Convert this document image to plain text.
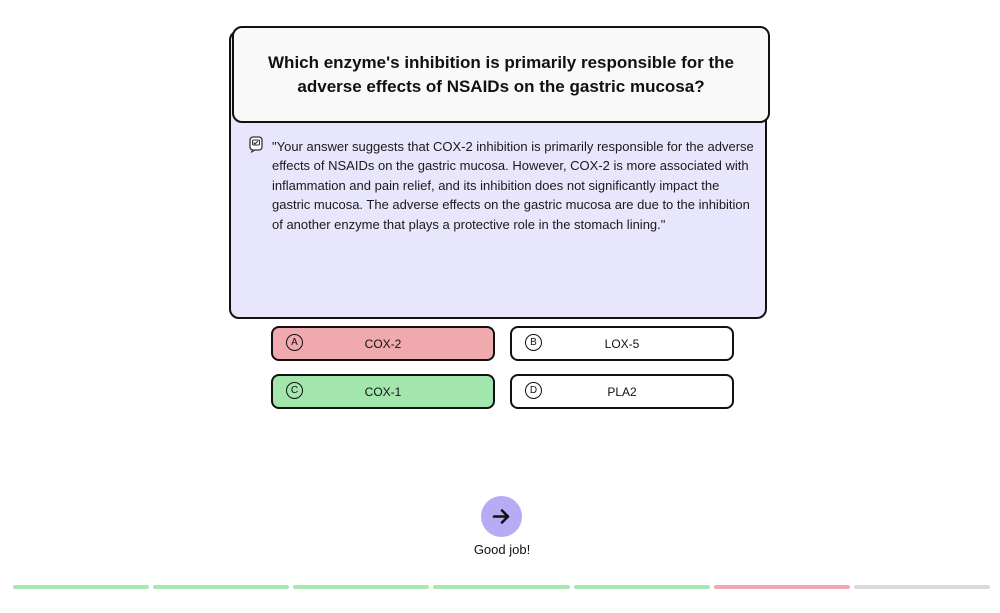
Which enzyme's inhibition is primarily responsible for the adverse effects of NSAIDs on the gastric mucosa?
"Your answer suggests that COX-2 inhibition is primarily responsible for the adverse effects of NSAIDs on the gastric mucosa. However, COX-2 is more associated with inflammation and pain relief, and its inhibition does not significantly impact the gastric mucosa. The adverse effects on the gastric mucosa are due to the inhibition of another enzyme that plays a protective role in the stomach lining."
A	COX-2	B	LOX-5
C	COX-1	D	PLA2
Good job!
